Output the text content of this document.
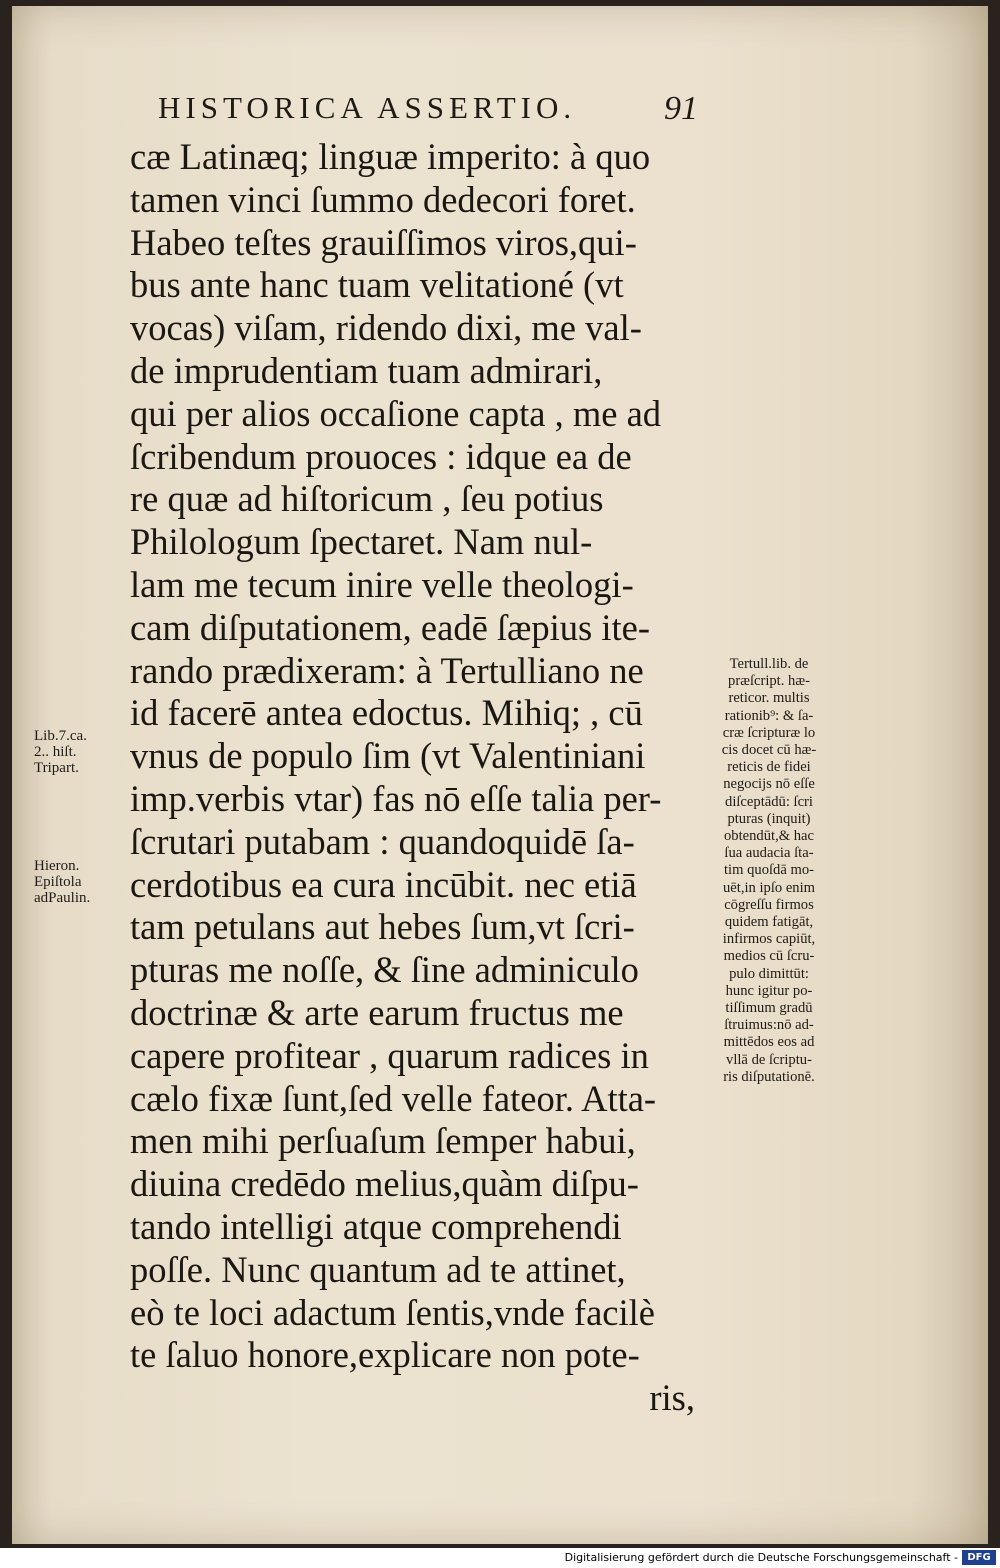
HISTORICA ASSERTIO.	91
cæ Latinæq; linguæ imperito: à quo
tamen vinci ſummo dedecori foret.
Habeo teſtes grauiſſimos viros,qui-
bus ante hanc tuam velitationé (vt
vocas) viſam, ridendo dixi, me val-
de imprudentiam tuam admirari,
qui per alios occaſione capta , me ad
ſcribendum prouoces : idque ea de
re quæ ad hiſtoricum , ſeu potius
Philologum ſpectaret. Nam nul-
lam me tecum inire velle theologi-
cam diſputationem, eadē ſæpius ite-
rando prædixeram: à Tertulliano ne
id facerē antea edoctus. Mihiq; , cū
vnus de populo ſim (vt Valentiniani
imp.verbis vtar) fas nō eſſe talia per-
ſcrutari putabam : quandoquidē ſa-
cerdotibus ea cura incūbit. nec etiā
tam petulans aut hebes ſum,vt ſcri-
pturas me noſſe, & ſine adminiculo
doctrinæ & arte earum fructus me
capere profitear , quarum radices in
cælo fixæ ſunt,ſed velle fateor. Atta-
men mihi perſuaſum ſemper habui,
diuina credēdo melius,quàm diſpu-
tando intelligi atque comprehendi
poſſe. Nunc quantum ad te attinet,
eò te loci adactum ſentis,vnde facilè
te ſaluo honore,explicare non pote-
ris,
Lib.7.ca.
2.. hiſt.
Tripart.
Hieron.
Epiſtola
adPaulin.
Tertull.lib. de
præſcript. hæ-
reticor. multis
rationib⁹: & ſa-
cræ ſcripturæ lo
cis docet cū hæ-
reticis de fidei
negocijs nō eſſe
diſceptādū: ſcri
pturas (inquit)
obtendūt,& hac
ſua audacia ſta-
tim quoſdā mo-
uēt,in ipſo enim
cōgreſſu firmos
quidem fatigāt,
infirmos capiūt,
medios cū ſcru-
pulo dimittūt:
hunc igitur po-
tiſſimum gradū
ſtruimus:nō ad-
mittēdos eos ad
vllā de ſcriptu-
ris diſputationē.
Digitalisierung gefördert durch die Deutsche Forschungsgemeinschaft - DFG
